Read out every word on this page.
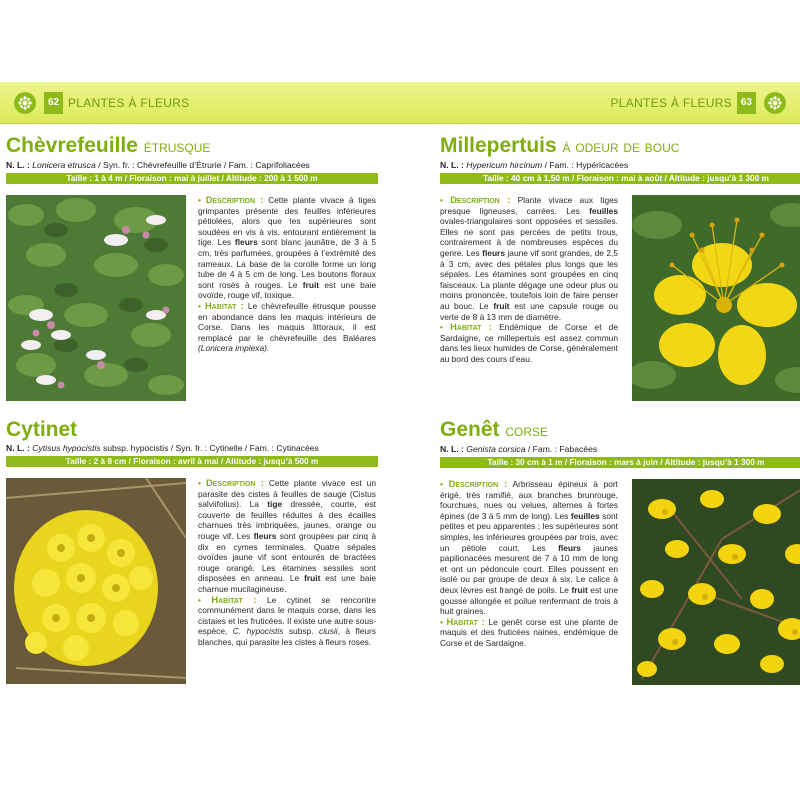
62 PLANTES À FLEURS
Chèvrefeuille étrusque
N. L. : Lonicera etrusca / Syn. fr. : Chèvrefeuille d’Étrurie / Fam. : Caprifoliacées
Taille : 1 à 4 m / Floraison : mai à juillet / Altitude : 200 à 1 500 m

• Description : Cette plante vivace à tiges grimpantes présente des feuilles inférieures pétiolées, alors que les supérieures sont soudées en vis à vis, entourant entièrement la tige. Les fleurs sont blanc jaunâtre, de 3 à 5 cm, très parfumées, groupées à l’extrémité des rameaux. La base de la corolle forme un long tube de 4 à 5 cm de long. Les boutons floraux sont rosés à rouges. Le fruit est une baie ovoïde, rouge vif, toxique.

• Habitat : Le chèvrefeuille étrusque pousse en abondance dans les maquis intérieurs de Corse. Dans les maquis littoraux, il est remplacé par le chèvrefeuille des Baléares (Lonicera implexa).

Cytinet
N. L. : Cytisus hypocistis subsp. hypocistis / Syn. fr. : Cytinelle / Fam. : Cytinacées
Taille : 2 à 8 cm / Floraison : avril à mai / Altitude : jusqu’à 500 m

• Description : Cette plante vivace est un parasite des cistes à feuilles de sauge (Cistus salviifolius). La tige dressée, courte, est couverte de feuilles réduites à des écailles charnues très imbriquées, jaunes, orange ou rouge vif. Les fleurs sont groupées par cinq à dix en cymes terminales. Quatre sépales ovoïdes jaune vif sont entourés de bractées rouge orangé. Les étamines sessiles sont disposées en anneau. Le fruit est une baie charnue mucilagineuse.

• Habitat : Le cytinet se rencontre communément dans le maquis corse, dans les cistaies et les fruticées. Il existe une autre sous-espèce, C. hypocistis subsp. clusii, à fleurs blanches, qui parasite les cistes à fleurs roses.

PLANTES À FLEURS 63
Millepertuis à odeur de bouc
N. L. : Hypericum hircinum / Fam. : Hypéricacées
Taille : 40 cm à 1,50 m / Floraison : mai à août / Altitude : jusqu’à 1 300 m

• Description : Plante vivace aux tiges presque ligneuses, carrées. Les feuilles ovales-triangulaires sont opposées et sessiles. Elles ne sont pas percées de petits trous, contrairement à de nombreuses espèces du genre. Les fleurs jaune vif sont grandes, de 2,5 à 3 cm, avec des pétales plus longs que les sépales. Les étamines sont groupées en cinq faisceaux. La plante dégage une odeur plus ou moins prononcée, toutefois loin de faire penser au bouc. Le fruit est une capsule rouge ou verte de 8 à 13 mm de diamètre.

• Habitat : Endémique de Corse et de Sardaigne, ce millepertuis est assez commun dans les lieux humides de Corse, généralement au bord des cours d’eau.

Genêt corse
N. L. : Genista corsica / Fam. : Fabacées
Taille : 30 cm à 1 m / Floraison : mars à juin / Altitude : jusqu’à 1 300 m

• Description : Arbrisseau épineux à port érigé, très ramifié, aux branches brunrouge, fourchues, nues ou velues, alternes à fortes épines (de 3 à 5 mm de long). Les feuilles sont petites et peu apparentes ; les supérieures sont simples, les inférieures groupées par trois, avec un pétiole court. Les fleurs jaunes papilionacées mesurent de 7 à 10 mm de long et ont un pédoncule court. Elles poussent en isolé ou par groupe de deux à six. Le calice à deux lèvres est frangé de poils. Le fruit est une gousse allongée et poilue renfermant de trois à huit graines.

• Habitat : Le genêt corse est une plante de maquis et des fruticées naines, endémique de Corse et de Sardaigne.
